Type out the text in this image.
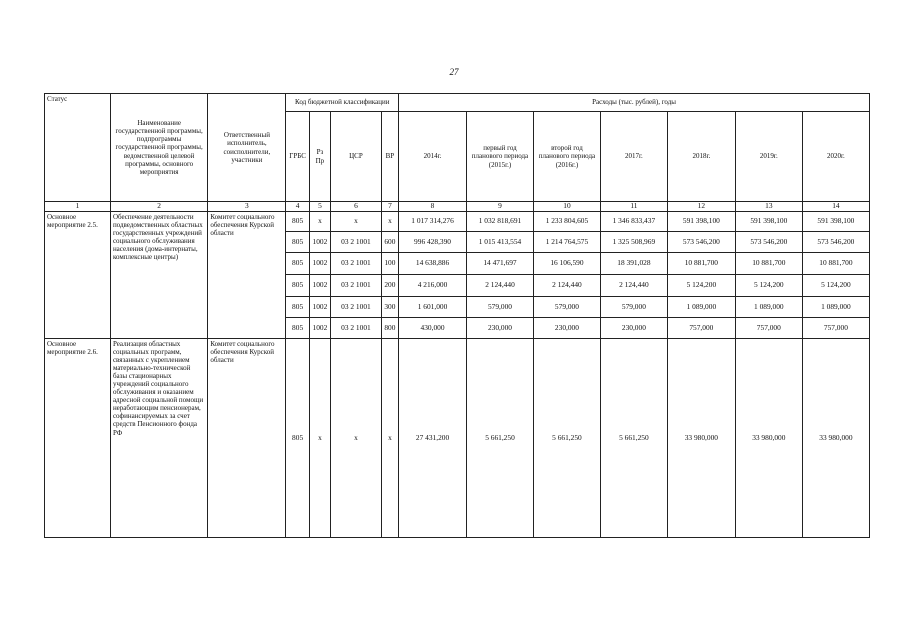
27
Статус	Наименование государственной программы, подпрограммы государственной программы, ведомственной целевой программы, основного мероприятия	Ответственный исполнитель, соисполнители, участники	Код бюджетной классификации				Расходы (тыс. рублей), годы						
			ГРБС	Рз Пр	ЦСР	ВР	2014г.	первый год планового периода (2015г.)	второй год планового периода (2016г.)	2017г.	2018г.	2019г.	2020г.
1	2	3	4	5	6	7	8	9	10	11	12	13	14
Основное мероприятие 2.5.	Обеспечение деятельности подведомственных областных государственных учреждений социального обслуживания населения (дома-интернаты, комплексные центры)	Комитет социального обеспечения Курской области	805	x	x	x	1 017 314,276	1 032 818,691	1 233 804,605	1 346 833,437	591 398,100	591 398,100	591 398,100
			805	1002	03 2 1001	600	996 428,390	1 015 413,554	1 214 764,575	1 325 508,969	573 546,200	573 546,200	573 546,200
			805	1002	03 2 1001	100	14 638,886	14 471,697	16 106,590	18 391,028	10 881,700	10 881,700	10 881,700
			805	1002	03 2 1001	200	4 216,000	2 124,440	2 124,440	2 124,440	5 124,200	5 124,200	5 124,200
			805	1002	03 2 1001	300	1 601,000	579,000	579,000	579,000	1 089,000	1 089,000	1 089,000
			805	1002	03 2 1001	800	430,000	230,000	230,000	230,000	757,000	757,000	757,000
Основное мероприятие 2.6.	Реализация областных социальных программ, связанных с укреплением материально-технической базы стационарных учреждений социального обслуживания и оказанием адресной социальной помощи неработающим пенсионерам, софинансируемых за счет средств Пенсионного фонда РФ	Комитет социального обеспечения Курской области	805	x	x	x	27 431,200	5 661,250	5 661,250	5 661,250	33 980,000	33 980,000	33 980,000
